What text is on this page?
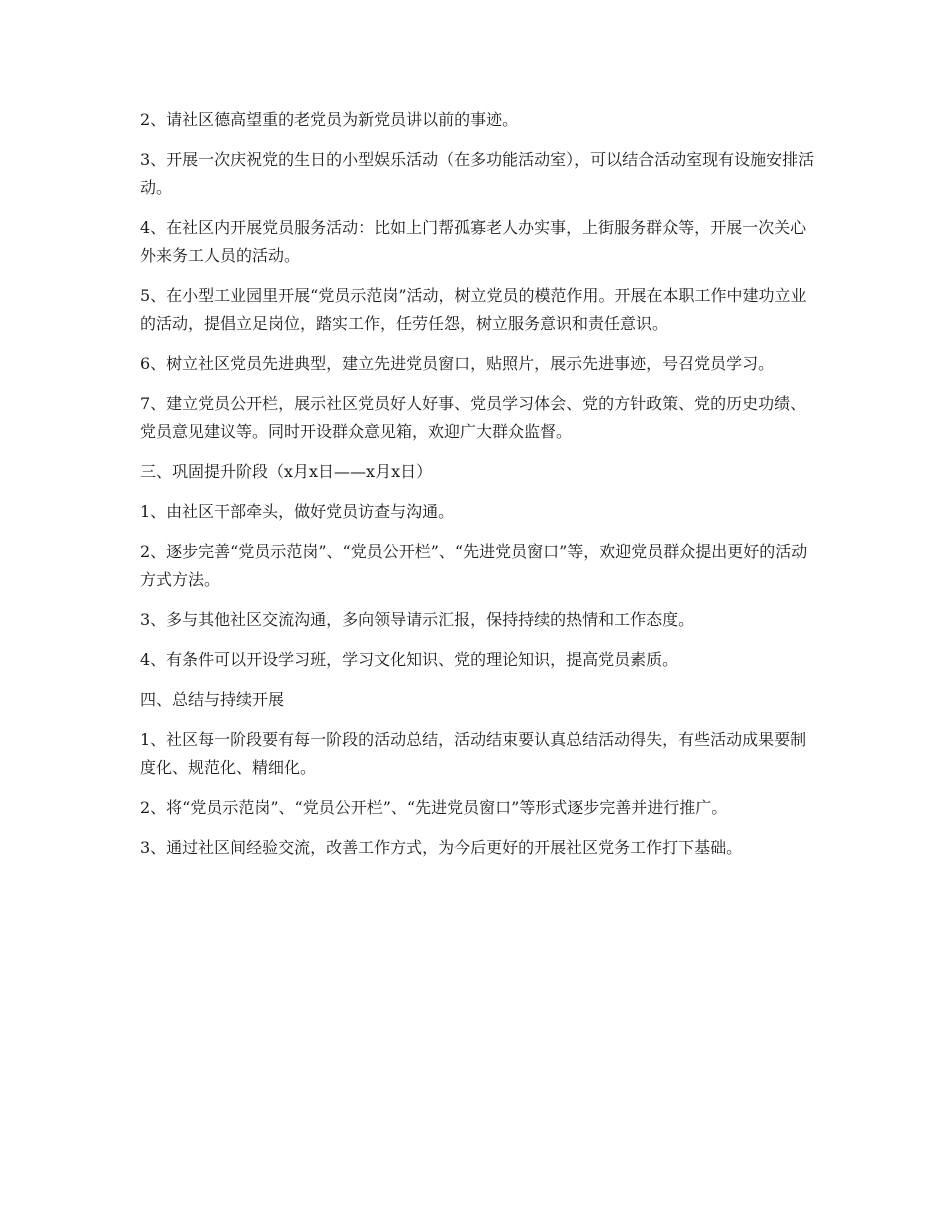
2、请社区德高望重的老党员为新党员讲以前的事迹。

3、开展一次庆祝党的生日的小型娱乐活动（在多功能活动室），可以结合活动室现有设施安排活动。

4、在社区内开展党员服务活动：比如上门帮孤寡老人办实事，上街服务群众等，开展一次关心外来务工人员的活动。

5、在小型工业园里开展“党员示范岗”活动，树立党员的模范作用。开展在本职工作中建功立业的活动，提倡立足岗位，踏实工作，任劳任怨，树立服务意识和责任意识。

6、树立社区党员先进典型，建立先进党员窗口，贴照片，展示先进事迹，号召党员学习。

7、建立党员公开栏，展示社区党员好人好事、党员学习体会、党的方针政策、党的历史功绩、党员意见建议等。同时开设群众意见箱，欢迎广大群众监督。

三、巩固提升阶段（x月x日——x月x日）

1、由社区干部牵头，做好党员访查与沟通。

2、逐步完善“党员示范岗”、“党员公开栏”、“先进党员窗口”等，欢迎党员群众提出更好的活动方式方法。

3、多与其他社区交流沟通，多向领导请示汇报，保持持续的热情和工作态度。

4、有条件可以开设学习班，学习文化知识、党的理论知识，提高党员素质。

四、总结与持续开展

1、社区每一阶段要有每一阶段的活动总结，活动结束要认真总结活动得失，有些活动成果要制度化、规范化、精细化。

2、将“党员示范岗”、“党员公开栏”、“先进党员窗口”等形式逐步完善并进行推广。

3、通过社区间经验交流，改善工作方式，为今后更好的开展社区党务工作打下基础。
